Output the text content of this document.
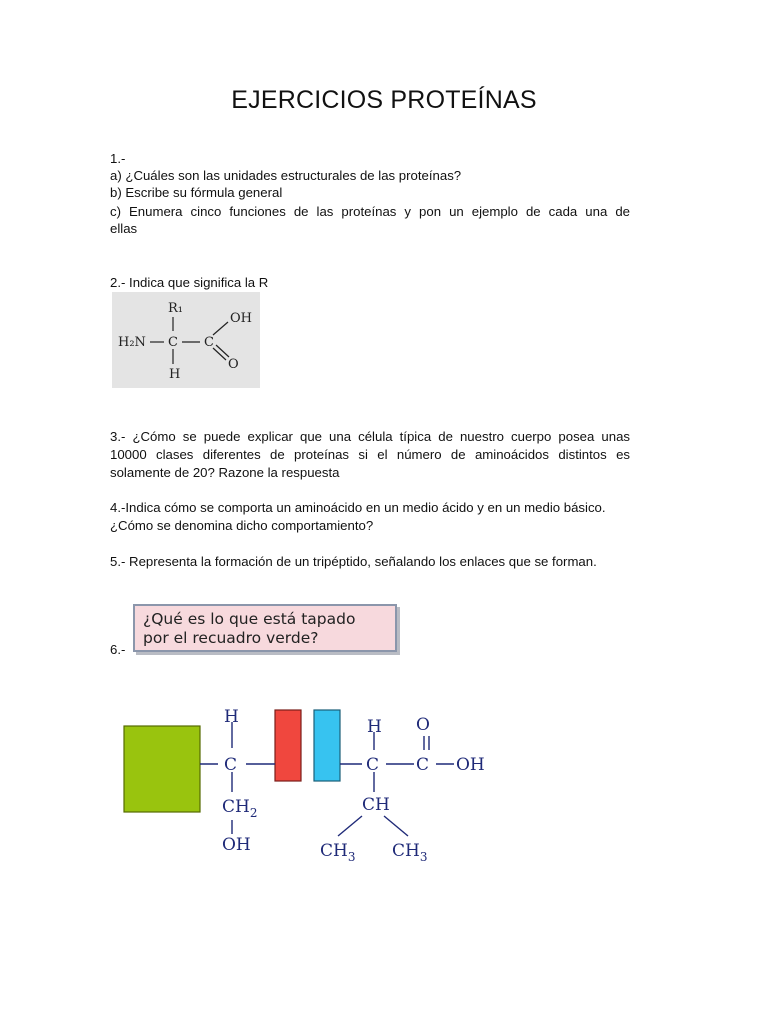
EJERCICIOS PROTEÍNAS
1.-
a) ¿Cuáles son las unidades estructurales de las proteínas?
b) Escribe su fórmula general
c) Enumera cinco funciones de las proteínas y pon un ejemplo de cada una de
ellas
2.- Indica que significa la R
R₁
OH
H₂N C C
O
H
3.- ¿Cómo se puede explicar que una célula típica de nuestro cuerpo posea unas
10000 clases diferentes de proteínas si el número de aminoácidos distintos es
solamente de 20? Razone la respuesta
4.-Indica cómo se comporta un aminoácido en un medio ácido y en un medio básico.
¿Cómo se denomina dicho comportamiento?
5.- Representa la formación de un tripéptido, señalando los enlaces que se forman.
¿Qué es lo que está tapado
por el recuadro verde?
6.-
H
C
$CH_2$
OH
H
C
O
C OH
CH
$CH_3$ $CH_3$
